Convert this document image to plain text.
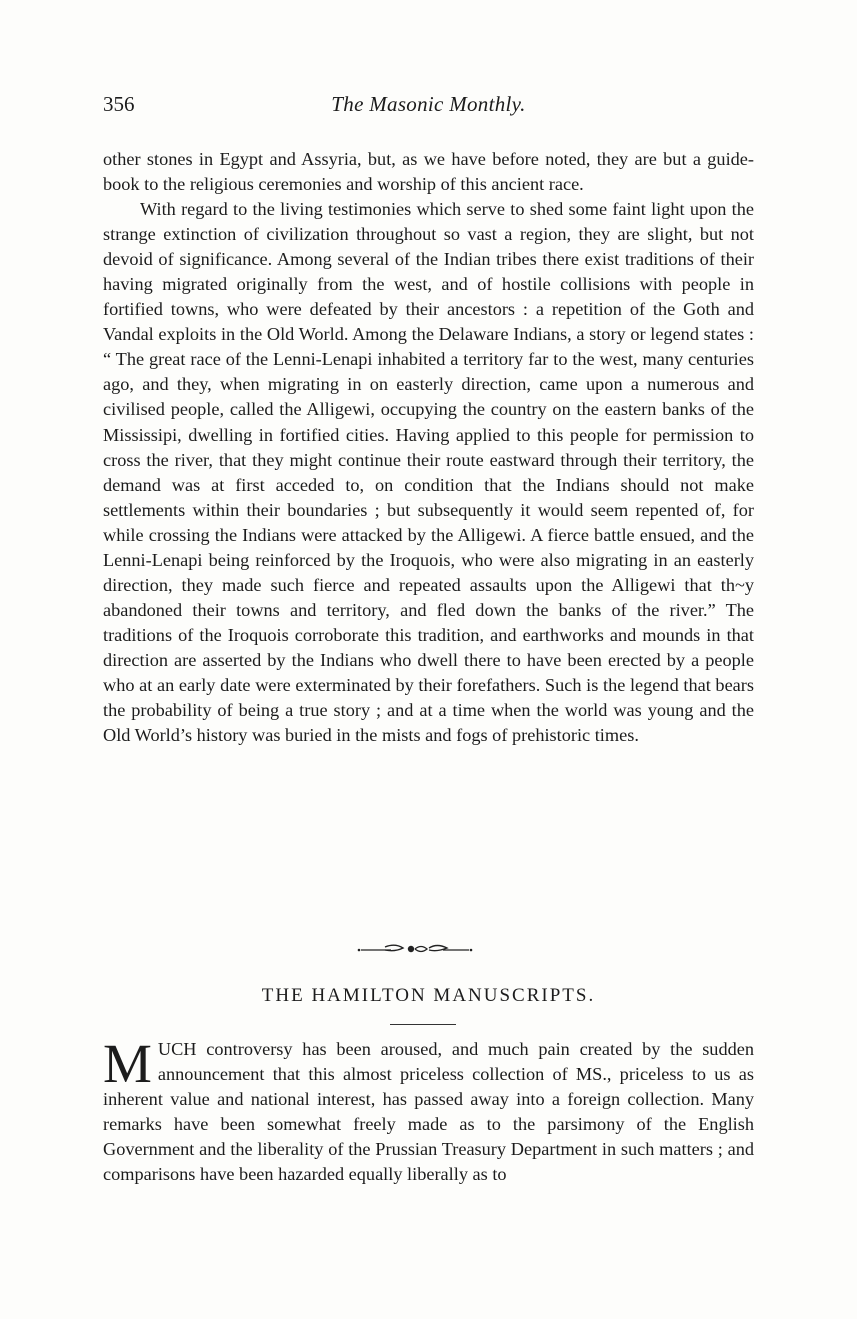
356	The Masonic Monthly.

other stones in Egypt and Assyria, but, as we have before noted, they are but a guide-book to the religious ceremonies and worship of this ancient race.

With regard to the living testimonies which serve to shed some faint light upon the strange extinction of civilization throughout so vast a region, they are slight, but not devoid of significance. Among several of the Indian tribes there exist traditions of their having migrated originally from the west, and of hostile collisions with people in fortified towns, who were defeated by their ancestors : a repetition of the Goth and Vandal exploits in the Old World. Among the Delaware Indians, a story or legend states : “ The great race of the Lenni-Lenapi inhabited a territory far to the west, many centuries ago, and they, when migrating in on easterly direction, came upon a numerous and civilised people, called the Alligewi, occupying the country on the eastern banks of the Mississipi, dwelling in fortified cities. Having applied to this people for permission to cross the river, that they might continue their route eastward through their territory, the demand was at first acceded to, on condition that the Indians should not make settlements within their boundaries ; but subsequently it would seem repented of, for while crossing the Indians were attacked by the Alligewi. A fierce battle ensued, and the Lenni-Lenapi being reinforced by the Iroquois, who were also migrating in an easterly direction, they made such fierce and repeated assaults upon the Alligewi that th~y abandoned their towns and territory, and fled down the banks of the river.” The traditions of the Iroquois corroborate this tradition, and earthworks and mounds in that direction are asserted by the Indians who dwell there to have been erected by a people who at an early date were exterminated by their forefathers. Such is the legend that bears the probability of being a true story ; and at a time when the world was young and the Old World’s history was buried in the mists and fogs of prehistoric times.

THE HAMILTON MANUSCRIPTS.

M UCH controversy has been aroused, and much pain created by the sudden announcement that this almost priceless collection of MS., priceless to us as inherent value and national interest, has passed away into a foreign collection. Many remarks have been somewhat freely made as to the parsimony of the English Government and the liberality of the Prussian Treasury Department in such matters ; and comparisons have been hazarded equally liberally as to
